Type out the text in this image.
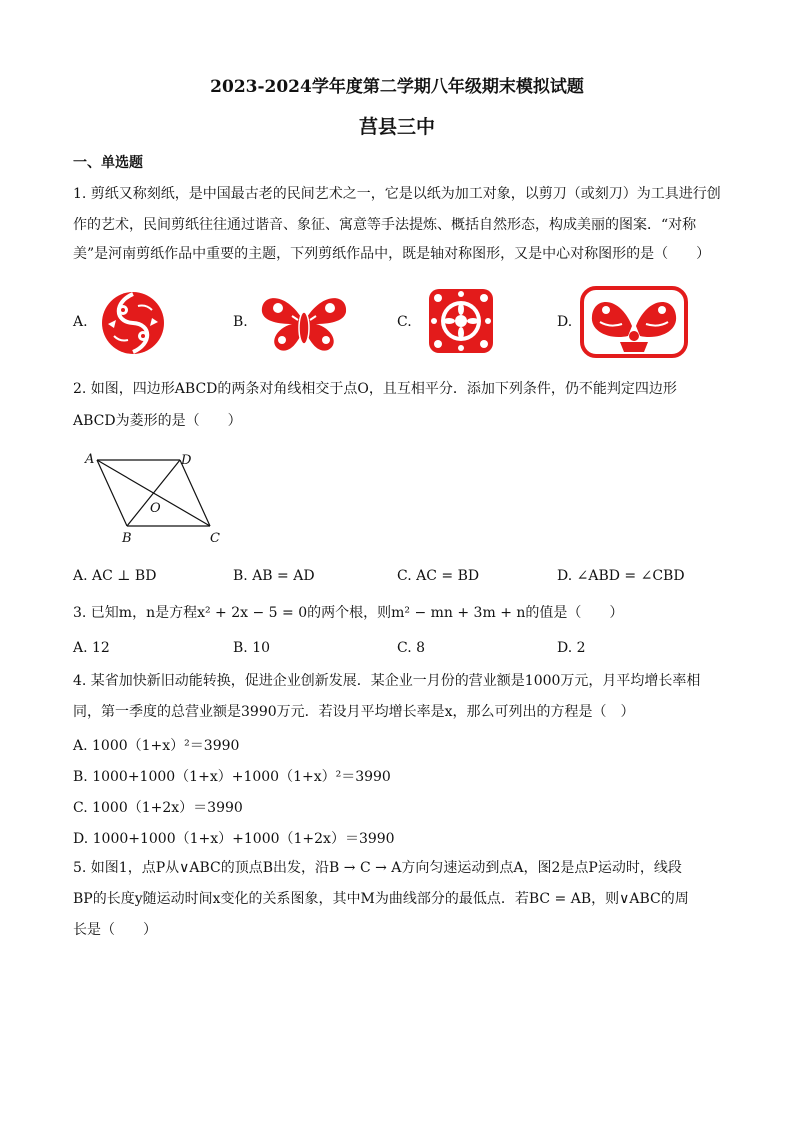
2023-2024学年度第二学期八年级期末模拟试题
莒县三中
一、单选题
1. 剪纸又称刻纸，是中国最古老的民间艺术之一，它是以纸为加工对象，以剪刀（或刻刀）为工具进行创
作的艺术，民间剪纸往往通过谐音、象征、寓意等手法提炼、概括自然形态，构成美丽的图案．“对称
美”是河南剪纸作品中重要的主题，下列剪纸作品中，既是轴对称图形，又是中心对称图形的是（　　）
A.	B.	C.	D.
2. 如图，四边形ABCD的两条对角线相交于点O，且互相平分．添加下列条件，仍不能判定四边形
ABCD为菱形的是（　　）
A	D
B	C
O
A. AC ⊥ BD	B. AB = AD	C. AC = BD	D. ∠ABD = ∠CBD
3. 已知m，n是方程x² + 2x − 5 = 0的两个根，则m² − mn + 3m + n的值是（　　）
A. 12	B. 10	C. 8	D. 2
4. 某省加快新旧动能转换，促进企业创新发展．某企业一月份的营业额是1000万元，月平均增长率相
同，第一季度的总营业额是3990万元．若设月平均增长率是x，那么可列出的方程是（　）
A. 1000（1+x）²＝3990
B. 1000+1000（1+x）+1000（1+x）²＝3990
C. 1000（1+2x）＝3990
D. 1000+1000（1+x）+1000（1+2x）＝3990
5. 如图1，点P从∨ABC的顶点B出发，沿B → C → A方向匀速运动到点A，图2是点P运动时，线段
BP的长度y随运动时间x变化的关系图象，其中M为曲线部分的最低点．若BC = AB，则∨ABC的周
长是（　　）
